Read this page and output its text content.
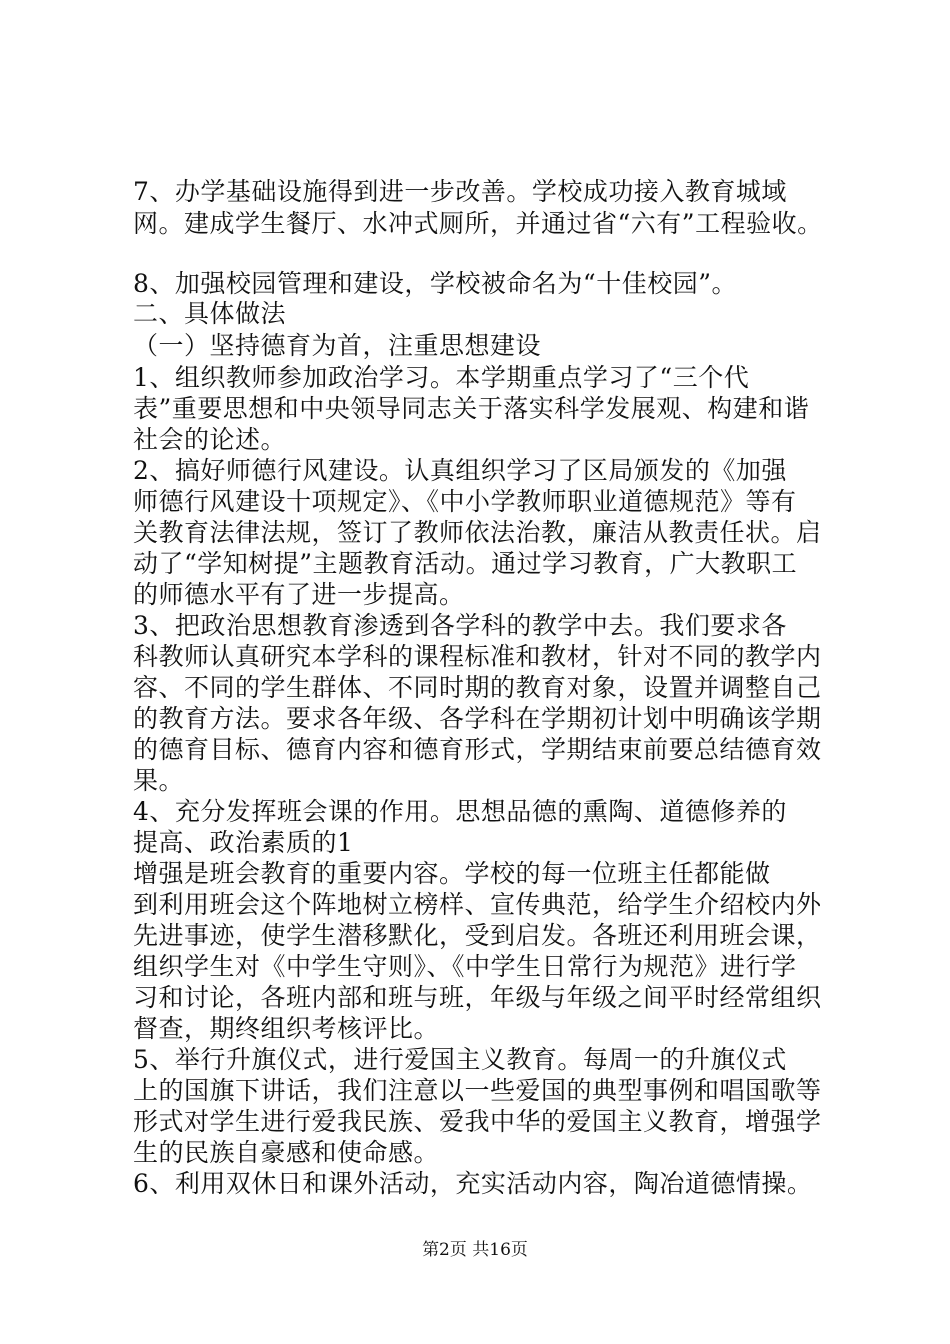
7、办学基础设施得到进一步改善。学校成功接入教育城域
网。建成学生餐厅、水冲式厕所，并通过省“六有”工程验收。
8、加强校园管理和建设，学校被命名为“十佳校园”。
二、具体做法
（一）坚持德育为首，注重思想建设
1、组织教师参加政治学习。本学期重点学习了“三个代
表”重要思想和中央领导同志关于落实科学发展观、构建和谐
社会的论述。
2、搞好师德行风建设。认真组织学习了区局颁发的《加强
师德行风建设十项规定》、《中小学教师职业道德规范》等有
关教育法律法规，签订了教师依法治教，廉洁从教责任状。启
动了“学知树提”主题教育活动。通过学习教育，广大教职工
的师德水平有了进一步提高。
3、把政治思想教育渗透到各学科的教学中去。我们要求各
科教师认真研究本学科的课程标准和教材，针对不同的教学内
容、不同的学生群体、不同时期的教育对象，设置并调整自己
的教育方法。要求各年级、各学科在学期初计划中明确该学期
的德育目标、德育内容和德育形式，学期结束前要总结德育效
果。
4、充分发挥班会课的作用。思想品德的熏陶、道德修养的
提高、政治素质的1
增强是班会教育的重要内容。学校的每一位班主任都能做
到利用班会这个阵地树立榜样、宣传典范，给学生介绍校内外
先进事迹，使学生潜移默化，受到启发。各班还利用班会课，
组织学生对《中学生守则》、《中学生日常行为规范》进行学
习和讨论，各班内部和班与班，年级与年级之间平时经常组织
督查，期终组织考核评比。
5、举行升旗仪式，进行爱国主义教育。每周一的升旗仪式
上的国旗下讲话，我们注意以一些爱国的典型事例和唱国歌等
形式对学生进行爱我民族、爱我中华的爱国主义教育，增强学
生的民族自豪感和使命感。
6、利用双休日和课外活动，充实活动内容，陶冶道德情操。
第2页 共16页
